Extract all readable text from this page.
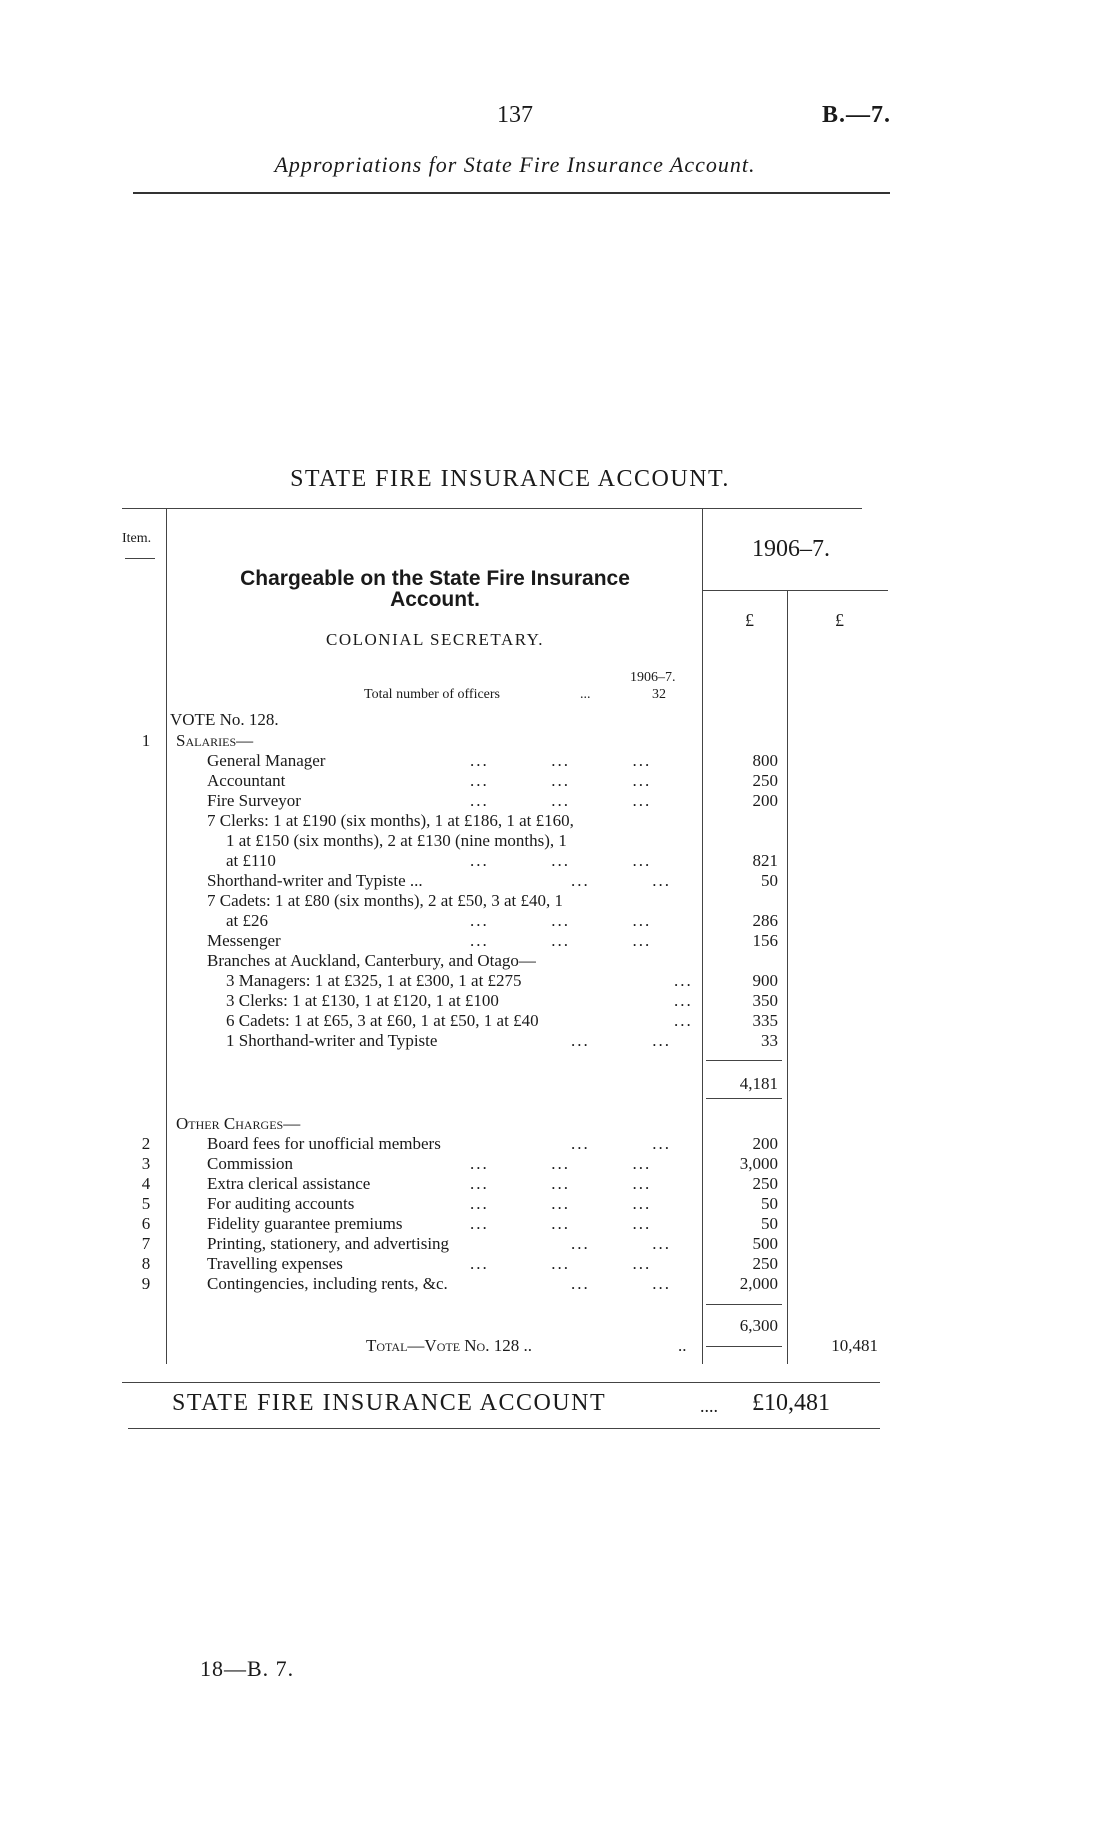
137	B.—7.
Appropriations for State Fire Insurance Account.
STATE FIRE INSURANCE ACCOUNT.
Item.	1906–7.
Chargeable on the State Fire Insurance
Account.
£	£
COLONIAL SECRETARY.
1906–7.
Total number of officers	...	32
VOTE No. 128.
1	Salaries—
General Manager	...          ...          ...	800
Accountant	...          ...          ...	250
Fire Surveyor	...          ...          ...	200
7 Clerks: 1 at £190 (six months), 1 at £186, 1 at £160,
1 at £150 (six months), 2 at £130 (nine months), 1
at £110	...          ...          ...	821
Shorthand-writer and Typiste ...	...          ...	50
7 Cadets: 1 at £80 (six months), 2 at £50, 3 at £40, 1
at £26	...          ...          ...	286
Messenger	...          ...          ...	156
Branches at Auckland, Canterbury, and Otago—
3 Managers: 1 at £325, 1 at £300, 1 at £275	...	900
3 Clerks: 1 at £130, 1 at £120, 1 at £100	...	350
6 Cadets: 1 at £65, 3 at £60, 1 at £50, 1 at £40	...	335
1 Shorthand-writer and Typiste	...          ...	33
4,181
Other Charges—
2	Board fees for unofficial members	...          ...	200
3	Commission	...          ...          ...	3,000
4	Extra clerical assistance	...          ...          ...	250
5	For auditing accounts	...          ...          ...	50
6	Fidelity guarantee premiums	...          ...          ...	50
7	Printing, stationery, and advertising	...          ...	500
8	Travelling expenses	...          ...          ...	250
9	Contingencies, including rents, &c.	...          ...	2,000
6,300
Total—Vote No. 128 ..	..	10,481
STATE FIRE INSURANCE ACCOUNT	.... £10,481
18—B. 7.
